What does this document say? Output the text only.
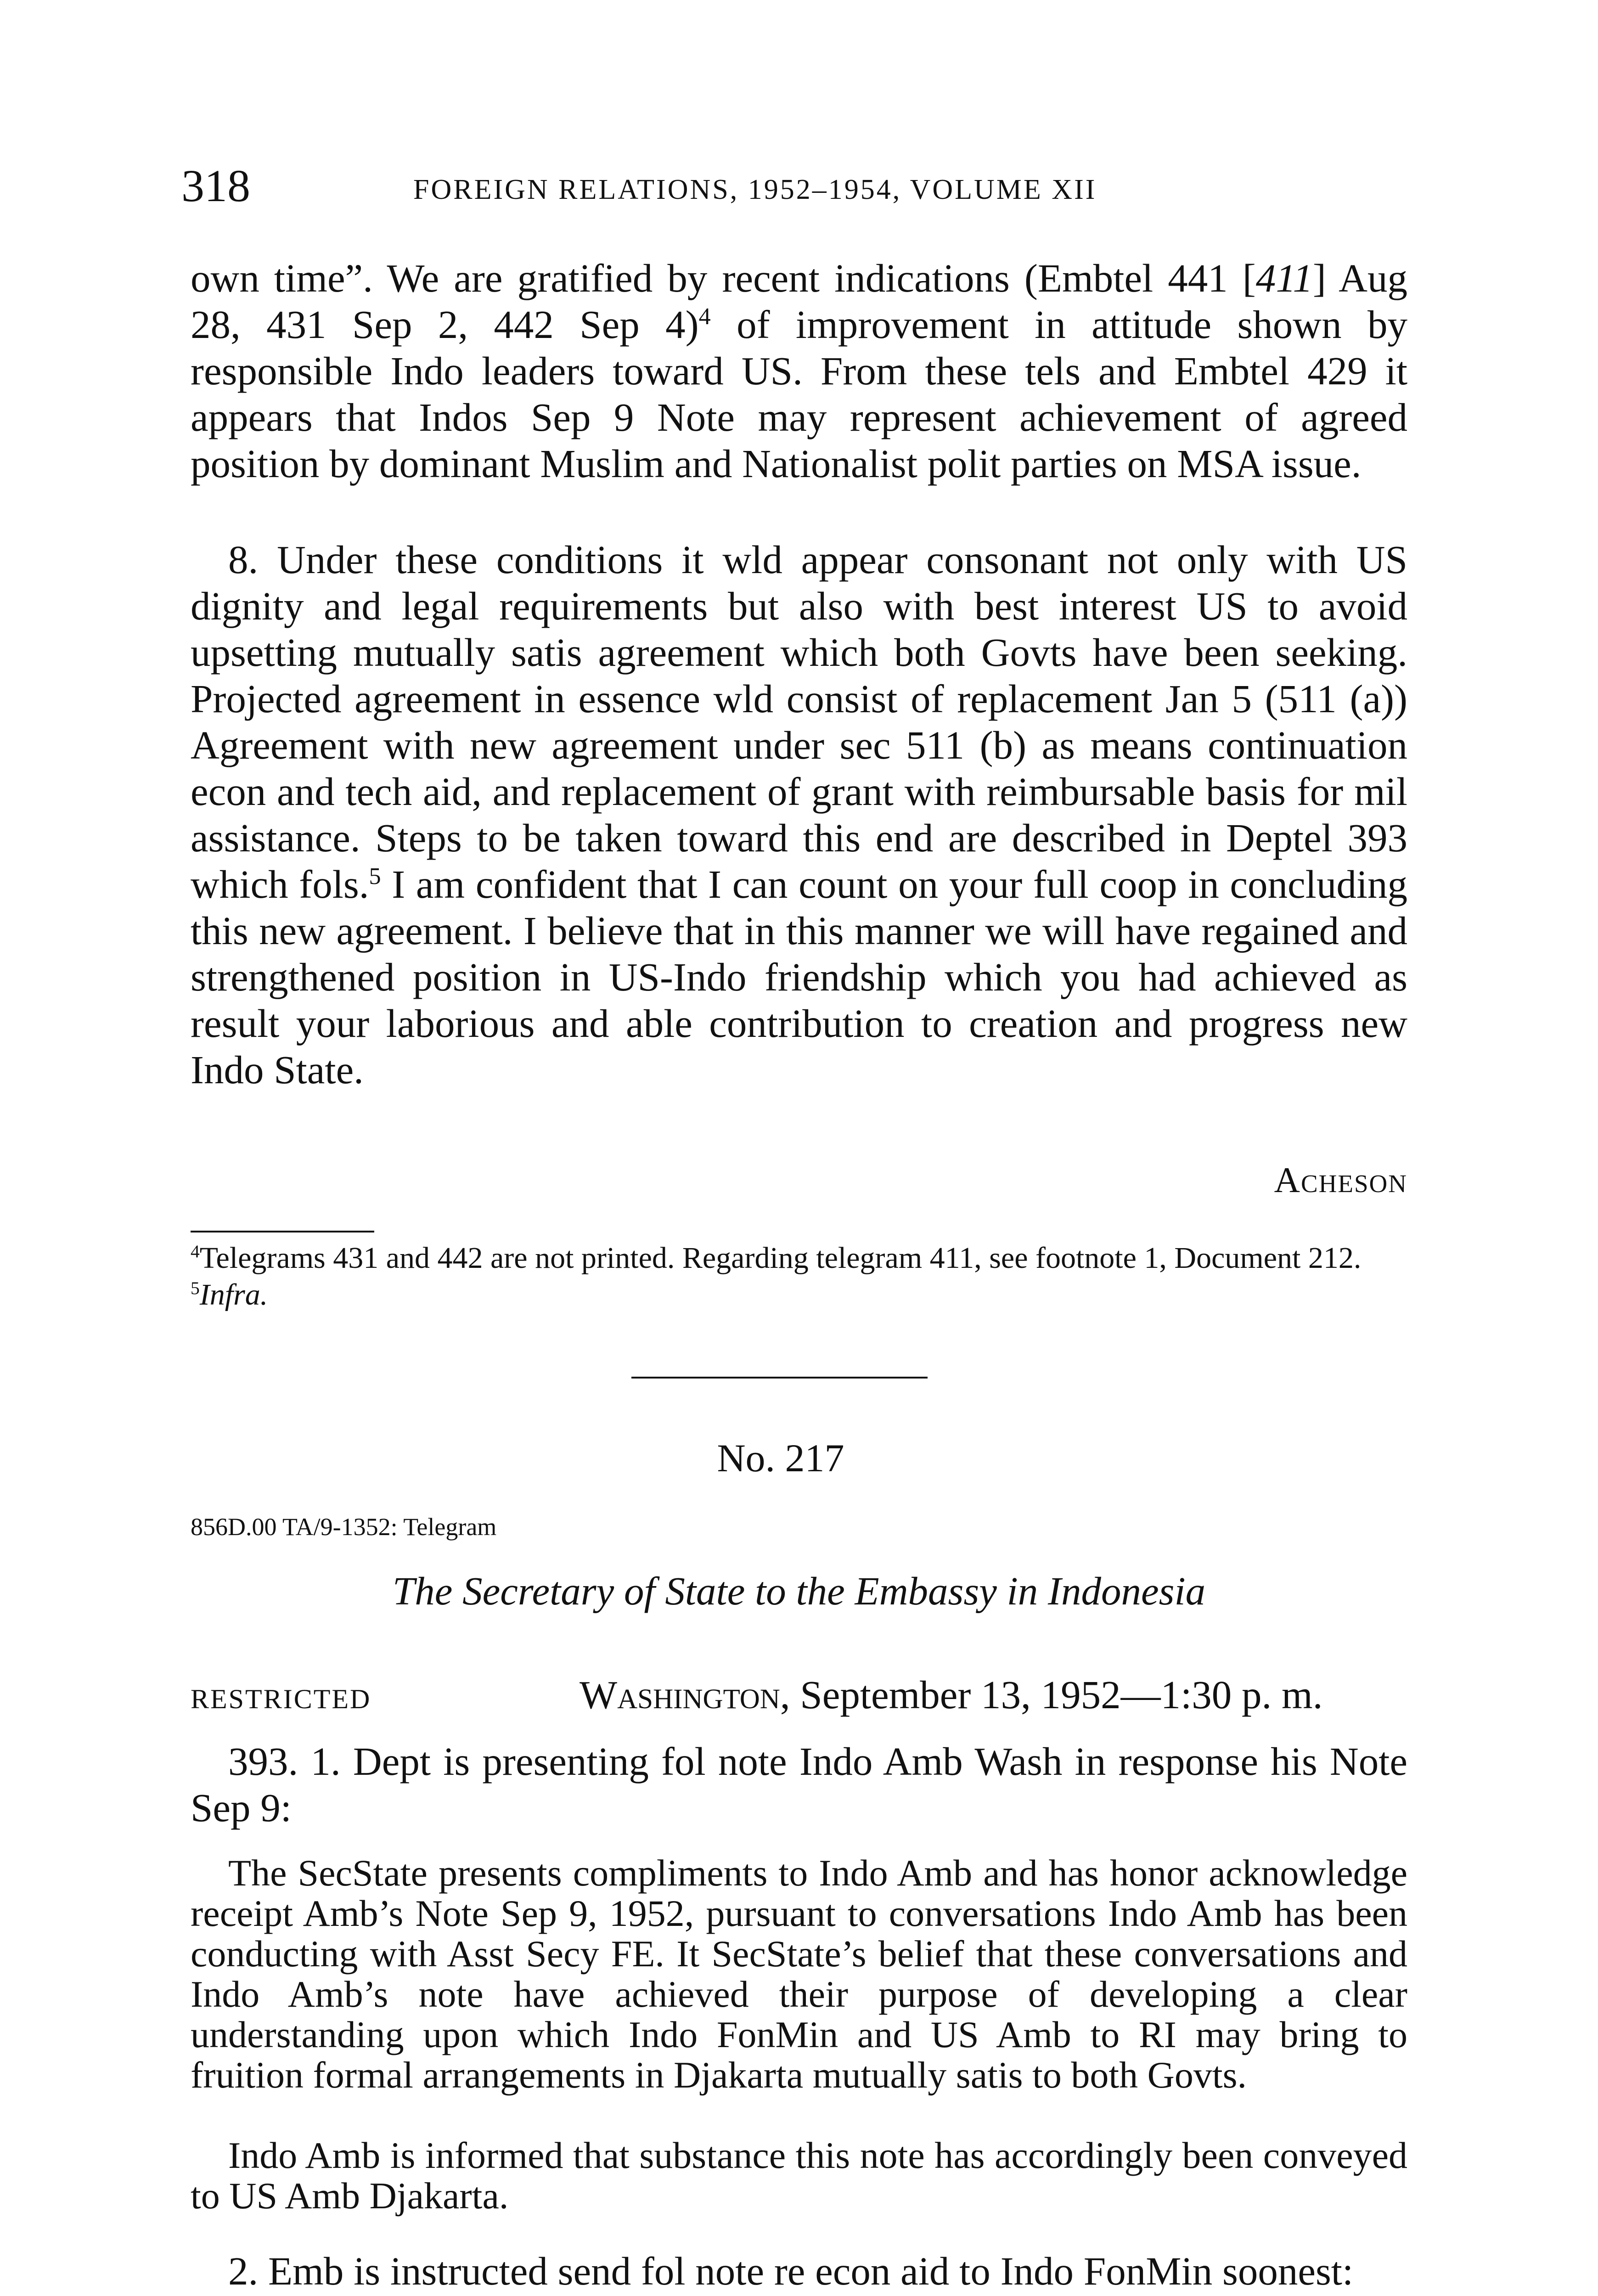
318	FOREIGN RELATIONS, 1952–1954, VOLUME XII

own time”. We are gratified by recent indications (Embtel 441 [411] Aug 28, 431 Sep 2, 442 Sep 4)$^4$ of improvement in attitude shown by responsible Indo leaders toward US. From these tels and Embtel 429 it appears that Indos Sep 9 Note may represent achievement of agreed position by dominant Muslim and Nationalist polit parties on MSA issue.

8. Under these conditions it wld appear consonant not only with US dignity and legal requirements but also with best interest US to avoid upsetting mutually satis agreement which both Govts have been seeking. Projected agreement in essence wld consist of replacement Jan 5 (511 (a)) Agreement with new agreement under sec 511 (b) as means continuation econ and tech aid, and replacement of grant with reimbursable basis for mil assistance. Steps to be taken toward this end are described in Deptel 393 which fols.$^5$ I am confident that I can count on your full coop in concluding this new agreement. I believe that in this manner we will have regained and strengthened position in US-Indo friendship which you had achieved as result your laborious and able contribution to creation and progress new Indo State.

Acheson

$^4$Telegrams 431 and 442 are not printed. Regarding telegram 411, see footnote 1, Document 212.

$^5$Infra.

No. 217
856D.00 TA/9-1352: Telegram
The Secretary of State to the Embassy in Indonesia
RESTRICTED	Washington, September 13, 1952—1:30 p. m.

393. 1. Dept is presenting fol note Indo Amb Wash in response his Note Sep 9:

The SecState presents compliments to Indo Amb and has honor acknowledge receipt Amb’s Note Sep 9, 1952, pursuant to conversations Indo Amb has been conducting with Asst Secy FE. It SecState’s belief that these conversations and Indo Amb’s note have achieved their purpose of developing a clear understanding upon which Indo FonMin and US Amb to RI may bring to fruition formal arrangements in Djakarta mutually satis to both Govts.

Indo Amb is informed that substance this note has accordingly been conveyed to US Amb Djakarta.

2. Emb is instructed send fol note re econ aid to Indo FonMin soonest:
